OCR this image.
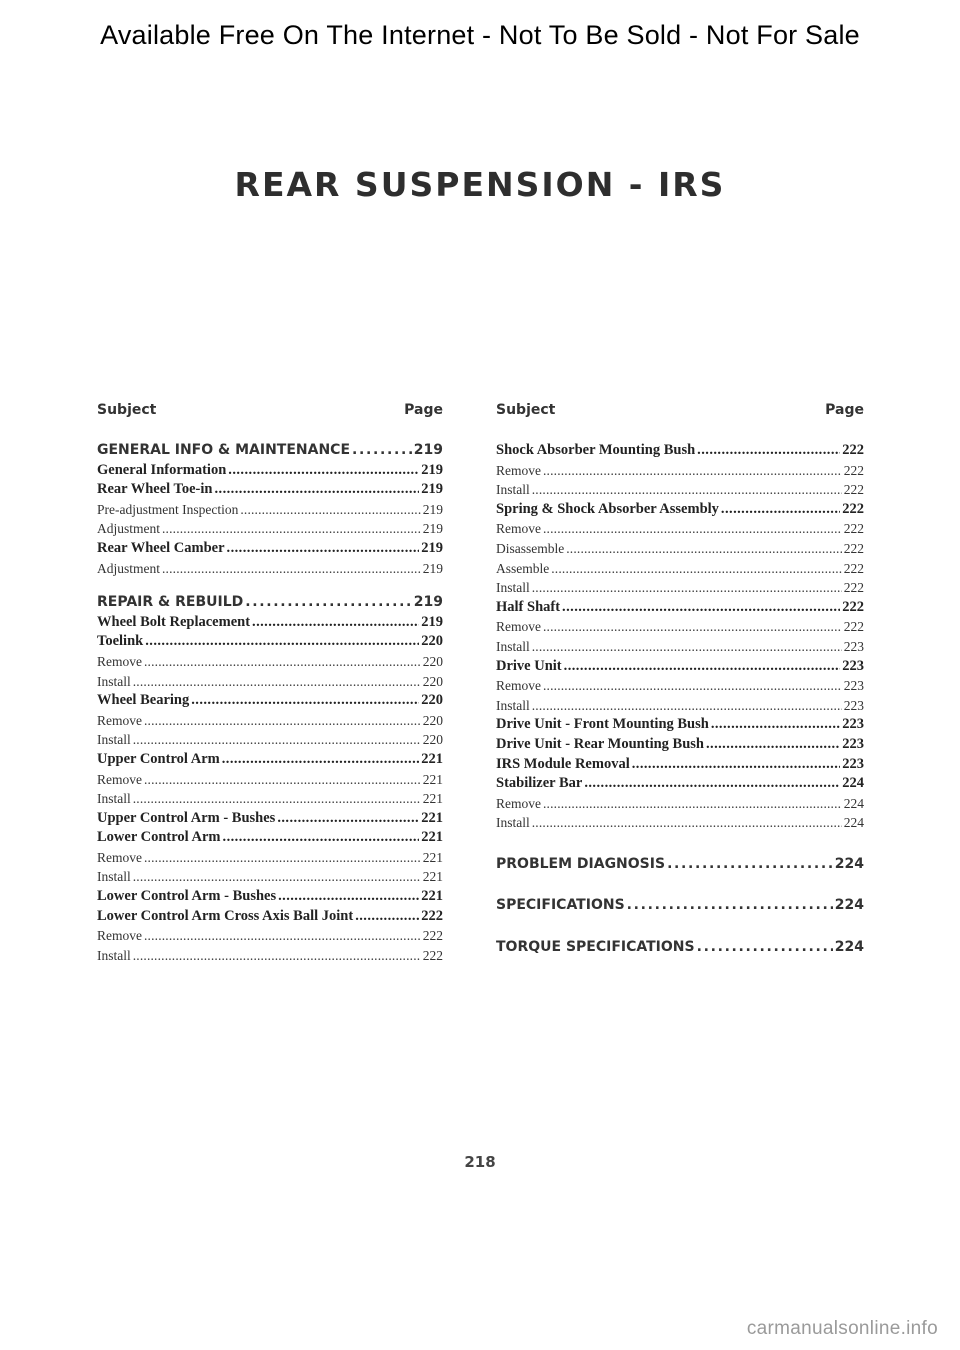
Available Free On The Internet - Not To Be Sold - Not For Sale
REAR SUSPENSION - IRS
Subject	Page
GENERAL INFO & MAINTENANCE . . .	219
General Information . . .	219
Rear Wheel Toe-in . . .	219
Pre-adjustment Inspection . . .	219
Adjustment . . .	219
Rear Wheel Camber . . .	219
Adjustment . . .	219
REPAIR & REBUILD . . .	219
Wheel Bolt Replacement . . .	219
Toelink . . .	220
Remove . . .	220
Install . . .	220
Wheel Bearing . . .	220
Remove . . .	220
Install . . .	220
Upper Control Arm . . .	221
Remove . . .	221
Install . . .	221
Upper Control Arm - Bushes . . .	221
Lower Control Arm . . .	221
Remove . . .	221
Install . . .	221
Lower Control Arm - Bushes . . .	221
Lower Control Arm Cross Axis Ball Joint . . .	222
Remove . . .	222
Install . . .	222
Subject	Page
Shock Absorber Mounting Bush . . .	222
Remove . . .	222
Install . . .	222
Spring & Shock Absorber Assembly . . .	222
Remove . . .	222
Disassemble . . .	222
Assemble . . .	222
Install . . .	222
Half Shaft . . .	222
Remove . . .	222
Install . . .	223
Drive Unit . . .	223
Remove . . .	223
Install . . .	223
Drive Unit - Front Mounting Bush . . .	223
Drive Unit - Rear Mounting Bush . . .	223
IRS Module Removal . . .	223
Stabilizer Bar . . .	224
Remove . . .	224
Install . . .	224
PROBLEM DIAGNOSIS . . .	224
SPECIFICATIONS . . .	224
TORQUE SPECIFICATIONS . . .	224
218
carmanualsonline.info
